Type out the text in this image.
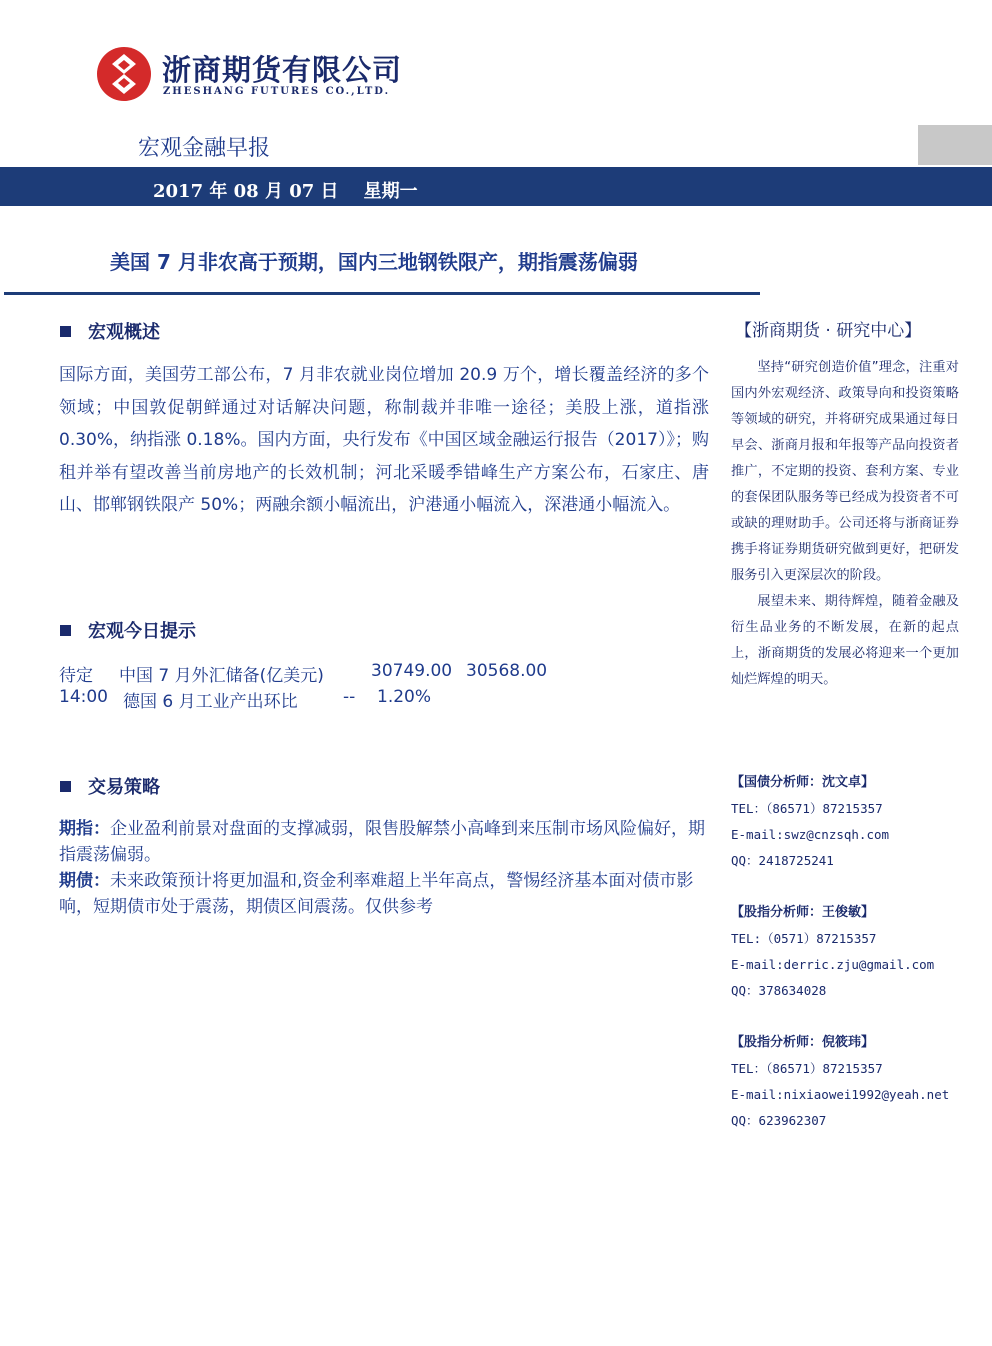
浙商期货有限公司
ZHESHANG FUTURES CO.,LTD.
宏观金融早报
2017 年 08 月 07 日    星期一
美国 7 月非农高于预期，国内三地钢铁限产，期指震荡偏弱
宏观概述
国际方面，美国劳工部公布，7 月非农就业岗位增加 20.9 万个，增长覆盖经济的多个领域；中国敦促朝鲜通过对话解决问题，称制裁并非唯一途径；美股上涨，道指涨 0.30%，纳指涨 0.18%。国内方面，央行发布《中国区域金融运行报告（2017）》；购租并举有望改善当前房地产的长效机制；河北采暖季错峰生产方案公布，石家庄、唐山、邯郸钢铁限产 50%；两融余额小幅流出，沪港通小幅流入，深港通小幅流入。
宏观今日提示
待定 中国 7 月外汇储备(亿美元)	30749.00 30568.00
14:00 德国 6 月工业产出环比	-- 1.20%
交易策略
期指：企业盈利前景对盘面的支撑减弱，限售股解禁小高峰到来压制市场风险偏好，期指震荡偏弱。
期债：未来政策预计将更加温和,资金利率难超上半年高点，警惕经济基本面对债市影响，短期债市处于震荡，期债区间震荡。仅供参考
【浙商期货 · 研究中心】

坚持“研究创造价值”理念，注重对国内外宏观经济、政策导向和投资策略等领域的研究，并将研究成果通过每日早会、浙商月报和年报等产品向投资者推广，不定期的投资、套利方案、专业的套保团队服务等已经成为投资者不可或缺的理财助手。公司还将与浙商证券携手将证券期货研究做到更好，把研发服务引入更深层次的阶段。

展望未来、期待辉煌，随着金融及衍生品业务的不断发展，在新的起点上，浙商期货的发展必将迎来一个更加灿烂辉煌的明天。

【国债分析师：沈文卓】
TEL：（86571）87215357
E-mail:swz@cnzsqh.com
QQ：2418725241
【股指分析师：王俊敏】
TEL:（0571）87215357
E-mail:derric.zju@gmail.com
QQ：378634028
【股指分析师：倪筱玮】
TEL：（86571）87215357
E-mail:nixiaowei1992@yeah.net
QQ：623962307
